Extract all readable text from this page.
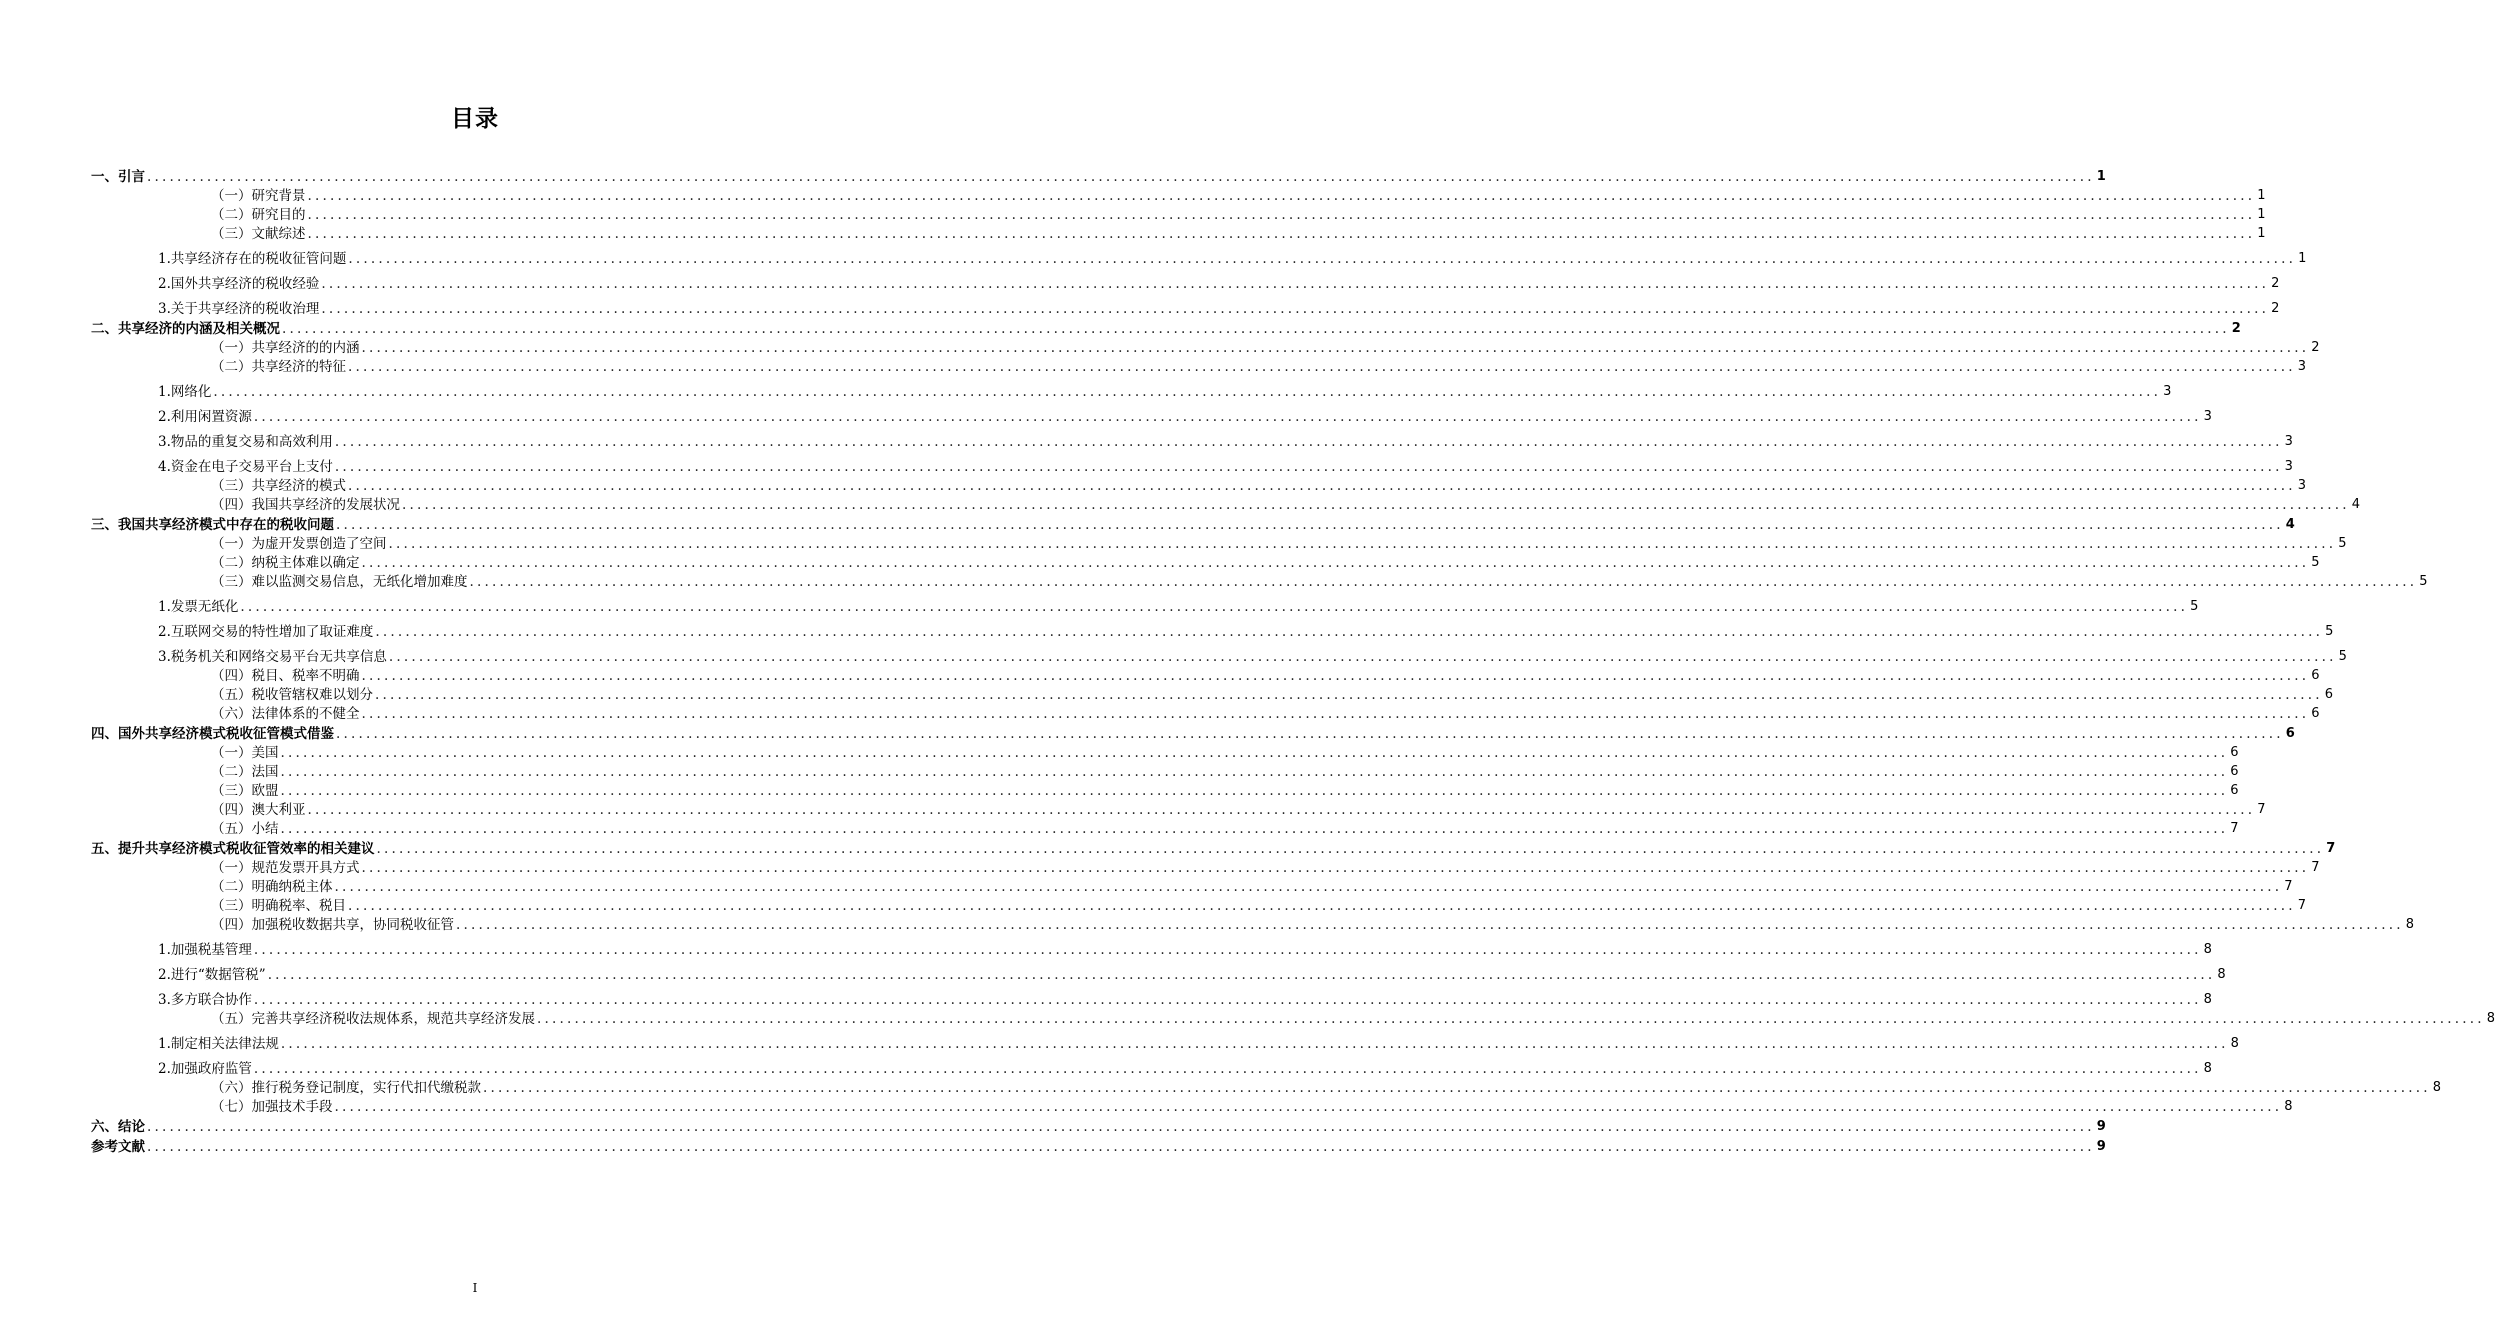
目录
一、引言 .................................................................................................................................................................................................................................................................... 1
（一）研究背景 .................................................................................................................................................................................................................................................................... 1
（二）研究目的 .................................................................................................................................................................................................................................................................... 1
（三）文献综述 .................................................................................................................................................................................................................................................................... 1
1.共享经济存在的税收征管问题 .................................................................................................................................................................................................................................................................... 1
2.国外共享经济的税收经验 .................................................................................................................................................................................................................................................................... 2
3.关于共享经济的税收治理 .................................................................................................................................................................................................................................................................... 2
二、共享经济的内涵及相关概况 .................................................................................................................................................................................................................................................................... 2
（一）共享经济的的内涵 .................................................................................................................................................................................................................................................................... 2
（二）共享经济的特征 .................................................................................................................................................................................................................................................................... 3
1.网络化 .................................................................................................................................................................................................................................................................... 3
2.利用闲置资源 .................................................................................................................................................................................................................................................................... 3
3.物品的重复交易和高效利用 .................................................................................................................................................................................................................................................................... 3
4.资金在电子交易平台上支付 .................................................................................................................................................................................................................................................................... 3
（三）共享经济的模式 .................................................................................................................................................................................................................................................................... 3
（四）我国共享经济的发展状况 .................................................................................................................................................................................................................................................................... 4
三、我国共享经济模式中存在的税收问题 .................................................................................................................................................................................................................................................................... 4
（一）为虚开发票创造了空间 .................................................................................................................................................................................................................................................................... 5
（二）纳税主体难以确定 .................................................................................................................................................................................................................................................................... 5
（三）难以监测交易信息，无纸化增加难度 .................................................................................................................................................................................................................................................................... 5
1.发票无纸化 .................................................................................................................................................................................................................................................................... 5
2.互联网交易的特性增加了取证难度 .................................................................................................................................................................................................................................................................... 5
3.税务机关和网络交易平台无共享信息 .................................................................................................................................................................................................................................................................... 5
（四）税目、税率不明确 .................................................................................................................................................................................................................................................................... 6
（五）税收管辖权难以划分 .................................................................................................................................................................................................................................................................... 6
（六）法律体系的不健全 .................................................................................................................................................................................................................................................................... 6
四、国外共享经济模式税收征管模式借鉴 .................................................................................................................................................................................................................................................................... 6
（一）美国 .................................................................................................................................................................................................................................................................... 6
（二）法国 .................................................................................................................................................................................................................................................................... 6
（三）欧盟 .................................................................................................................................................................................................................................................................... 6
（四）澳大利亚 .................................................................................................................................................................................................................................................................... 7
（五）小结 .................................................................................................................................................................................................................................................................... 7
五、提升共享经济模式税收征管效率的相关建议 .................................................................................................................................................................................................................................................................... 7
（一）规范发票开具方式 .................................................................................................................................................................................................................................................................... 7
（二）明确纳税主体 .................................................................................................................................................................................................................................................................... 7
（三）明确税率、税目 .................................................................................................................................................................................................................................................................... 7
（四）加强税收数据共享，协同税收征管 .................................................................................................................................................................................................................................................................... 8
1.加强税基管理 .................................................................................................................................................................................................................................................................... 8
2.进行“数据管税” .................................................................................................................................................................................................................................................................... 8
3.多方联合协作 .................................................................................................................................................................................................................................................................... 8
（五）完善共享经济税收法规体系，规范共享经济发展 .................................................................................................................................................................................................................................................................... 8
1.制定相关法律法规 .................................................................................................................................................................................................................................................................... 8
2.加强政府监管 .................................................................................................................................................................................................................................................................... 8
（六）推行税务登记制度，实行代扣代缴税款 .................................................................................................................................................................................................................................................................... 8
（七）加强技术手段 .................................................................................................................................................................................................................................................................... 8
六、结论 .................................................................................................................................................................................................................................................................... 9
参考文献 .................................................................................................................................................................................................................................................................... 9
I
